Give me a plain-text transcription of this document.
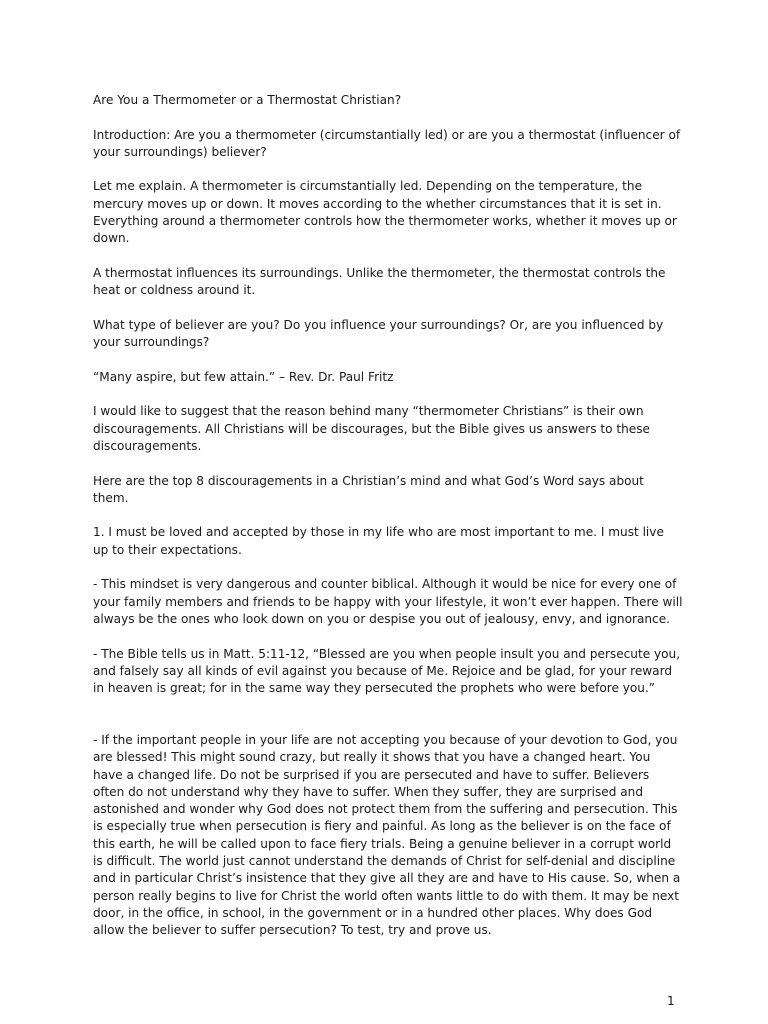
Are You a Thermometer or a Thermostat Christian?

Introduction: Are you a thermometer (circumstantially led) or are you a thermostat (influencer of your surroundings) believer?

Let me explain. A thermometer is circumstantially led. Depending on the temperature, the mercury moves up or down. It moves according to the whether circumstances that it is set in. Everything around a thermometer controls how the thermometer works, whether it moves up or down.

A thermostat influences its surroundings. Unlike the thermometer, the thermostat controls the heat or coldness around it.

What type of believer are you? Do you influence your surroundings? Or, are you influenced by your surroundings?

“Many aspire, but few attain.” – Rev. Dr. Paul Fritz

I would like to suggest that the reason behind many “thermometer Christians” is their own discouragements. All Christians will be discourages, but the Bible gives us answers to these discouragements.

Here are the top 8 discouragements in a Christian’s mind and what God’s Word says about them.

1. I must be loved and accepted by those in my life who are most important to me. I must live up to their expectations.

- This mindset is very dangerous and counter biblical. Although it would be nice for every one of your family members and friends to be happy with your lifestyle, it won’t ever happen. There will always be the ones who look down on you or despise you out of jealousy, envy, and ignorance.

- The Bible tells us in Matt. 5:11-12, “Blessed are you when people insult you and persecute you, and falsely say all kinds of evil against you because of Me. Rejoice and be glad, for your reward in heaven is great; for in the same way they persecuted the prophets who were before you.”

- If the important people in your life are not accepting you because of your devotion to God, you are blessed! This might sound crazy, but really it shows that you have a changed heart. You have a changed life. Do not be surprised if you are persecuted and have to suffer. Believers often do not understand why they have to suffer. When they suffer, they are surprised and astonished and wonder why God does not protect them from the suffering and persecution. This is especially true when persecution is fiery and painful. As long as the believer is on the face of this earth, he will be called upon to face fiery trials. Being a genuine believer in a corrupt world is difficult. The world just cannot understand the demands of Christ for self-denial and discipline and in particular Christ’s insistence that they give all they are and have to His cause. So, when a person really begins to live for Christ the world often wants little to do with them. It may be next door, in the office, in school, in the government or in a hundred other places. Why does God allow the believer to suffer persecution? To test, try and prove us.

1
